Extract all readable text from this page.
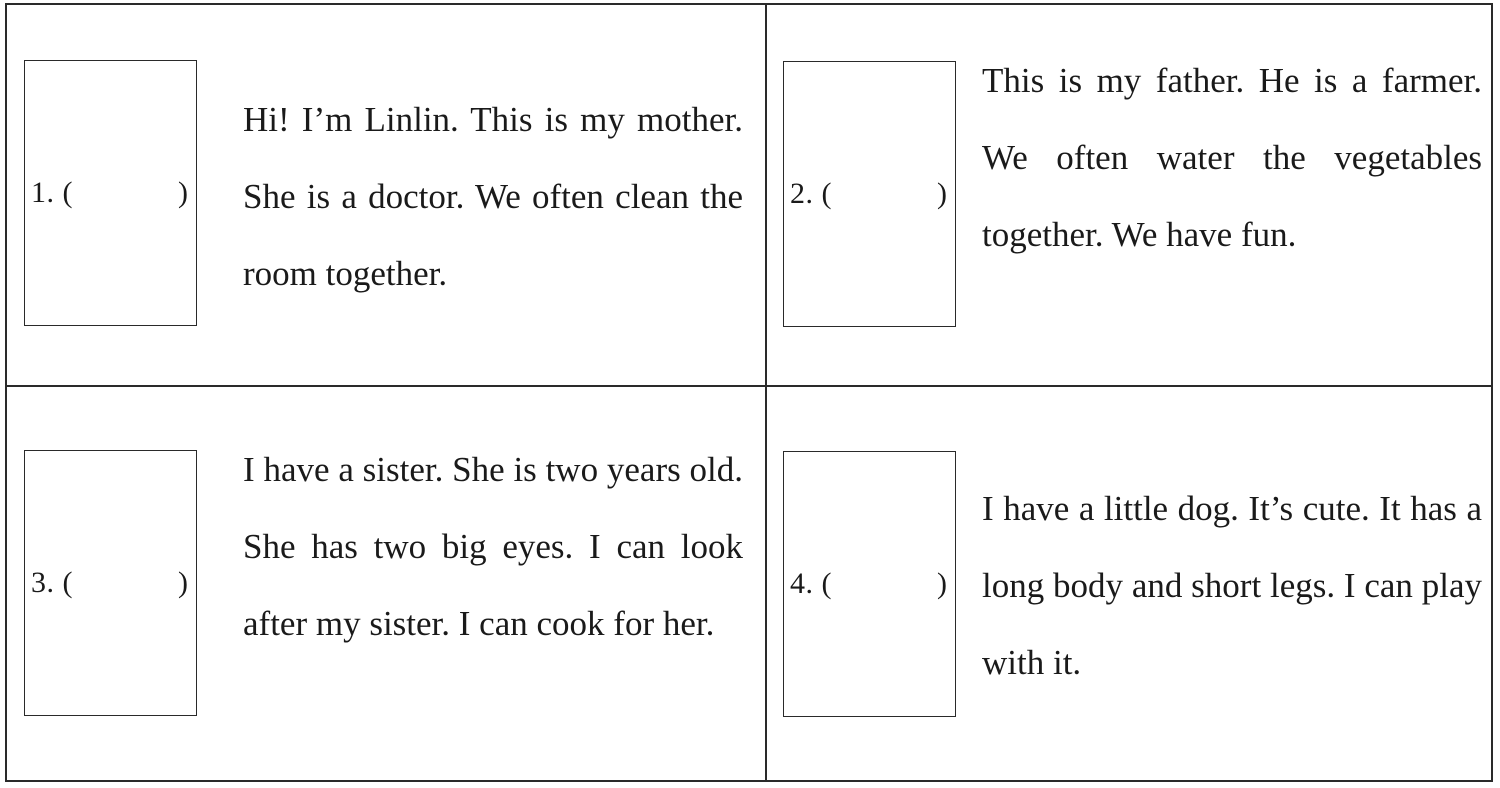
1. (	)

Hi! I’m Linlin. This is my mother. She is a doctor. We often clean the room together.

2. (	)

This is my father. He is a farmer. We often water the vegetables together. We have fun.

3. (	)

I have a sister. She is two years old. She has two big eyes. I can look after my sister. I can cook for her.

4. (	)

I have a little dog. It’s cute. It has a long body and short legs. I can play with it.
